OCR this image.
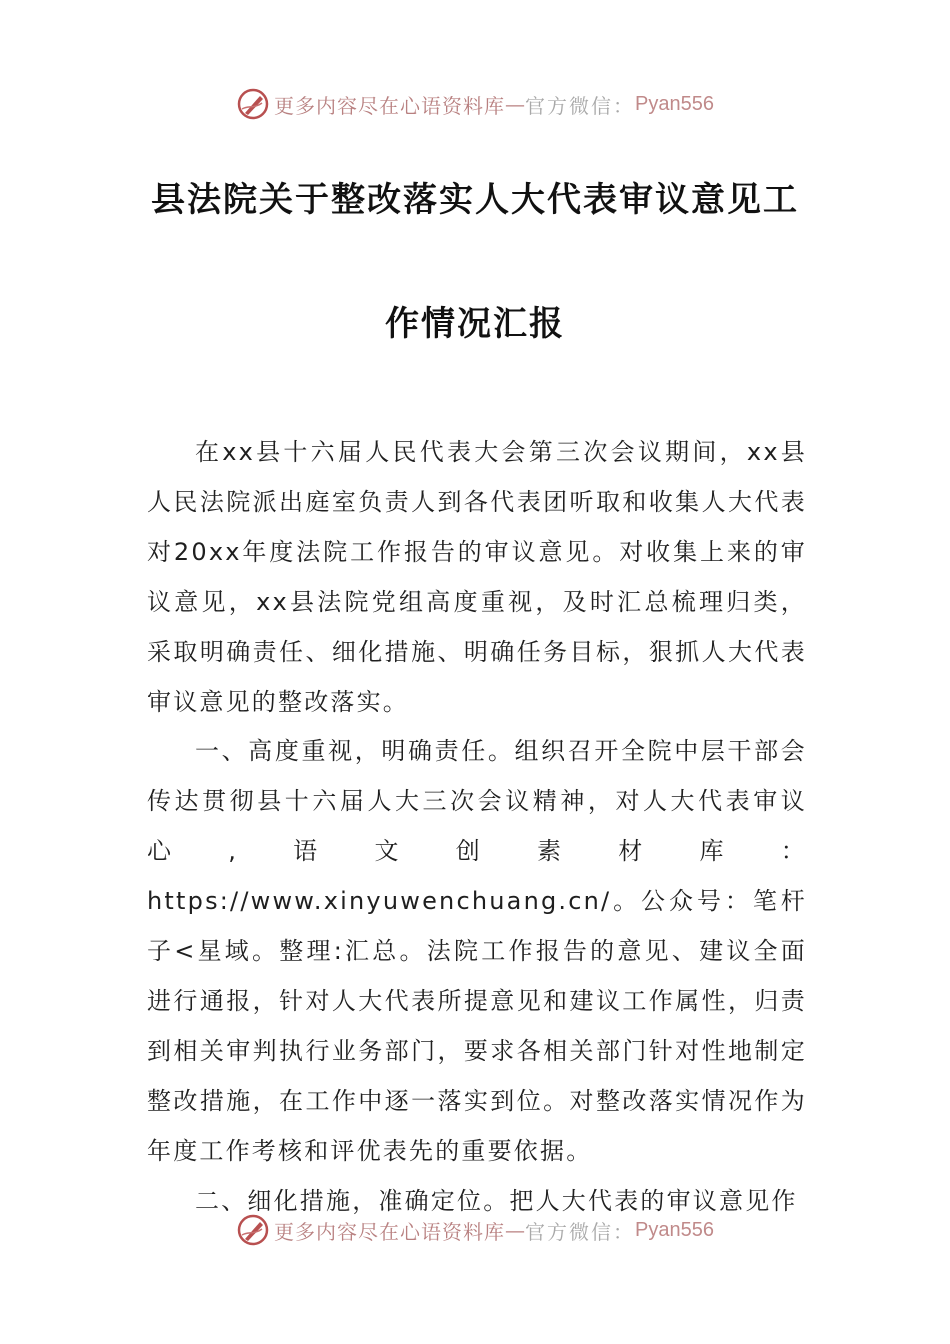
更多内容尽在心语资料库 — 官方微信： Pyan556
县法院关于整改落实人大代表审议意见工
作情况汇报

在xx县十六届人民代表大会第三次会议期间，xx县人民法院派出庭室负责人到各代表团听取和收集人大代表对20xx年度法院工作报告的审议意见。对收集上来的审议意见，xx县法院党组高度重视，及时汇总梳理归类，采取明确责任、细化措施、明确任务目标，狠抓人大代表审议意见的整改落实。

一、高度重视，明确责任。组织召开全院中层干部会传达贯彻县十六届人大三次会议精神，对人大代表审议心,语文创素材库：https://www.xinyuwenchuang.cn/。公众号：笔杆子<星域。整理:汇总。法院工作报告的意见、建议全面进行通报，针对人大代表所提意见和建议工作属性，归责到相关审判执行业务部门，要求各相关部门针对性地制定整改措施，在工作中逐一落实到位。对整改落实情况作为年度工作考核和评优表先的重要依据。

二、细化措施，准确定位。把人大代表的审议意见作

更多内容尽在心语资料库 — 官方微信： Pyan556
